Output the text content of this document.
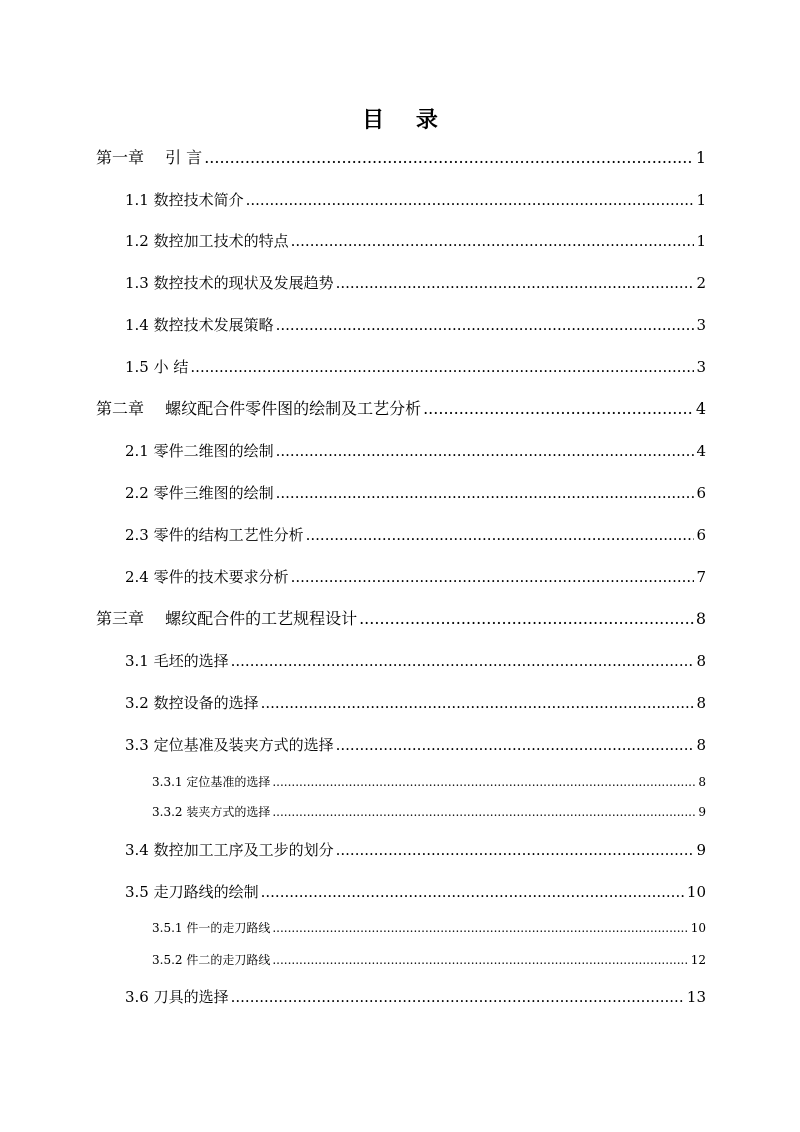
目 录
第一章　 引 言 .....	1
1.1 数控技术简介 .....	1
1.2 数控加工技术的特点 .....	1
1.3 数控技术的现状及发展趋势 .....	2
1.4 数控技术发展策略 .....	3
1.5 小 结 .....	3
第二章　 螺纹配合件零件图的绘制及工艺分析 .....	4
2.1 零件二维图的绘制 .....	4
2.2 零件三维图的绘制 .....	6
2.3 零件的结构工艺性分析 .....	6
2.4 零件的技术要求分析 .....	7
第三章　 螺纹配合件的工艺规程设计 .....	8
3.1 毛坯的选择 .....	8
3.2 数控设备的选择 .....	8
3.3 定位基准及装夹方式的选择 .....	8
3.3.1 定位基准的选择 .....	8
3.3.2 装夹方式的选择 .....	9
3.4 数控加工工序及工步的划分 .....	9
3.5 走刀路线的绘制 .....	10
3.5.1 件一的走刀路线 .....	10
3.5.2 件二的走刀路线 .....	12
3.6 刀具的选择 .....	13
